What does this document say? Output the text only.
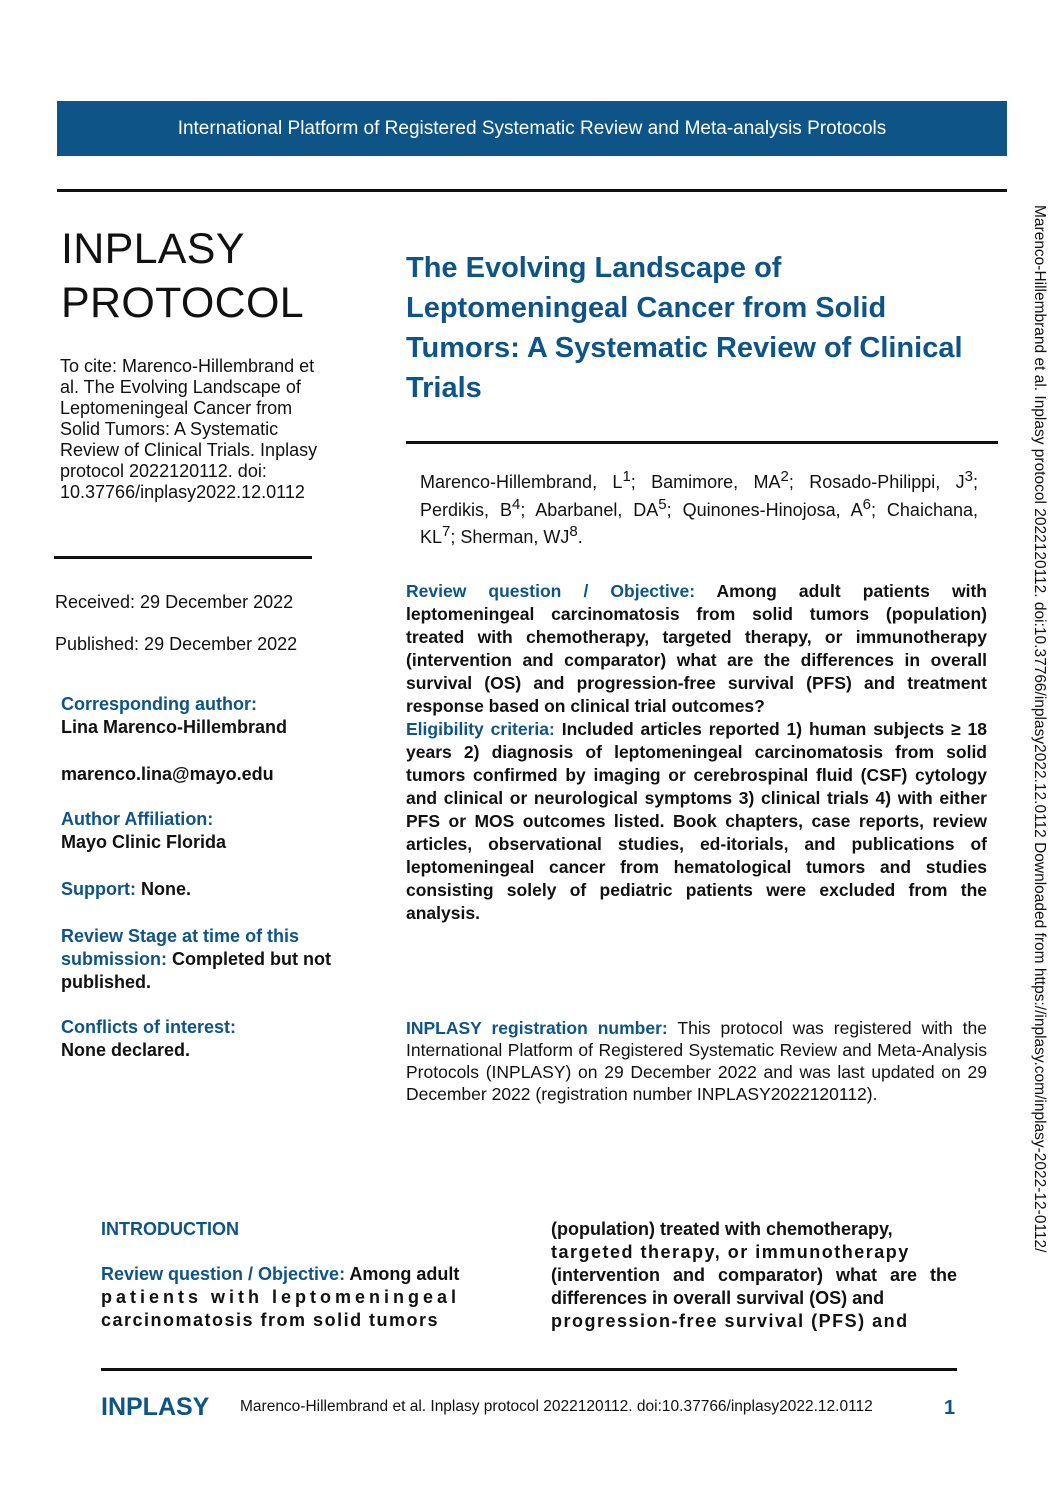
International Platform of Registered Systematic Review and Meta-analysis Protocols
INPLASY
PROTOCOL
To cite: Marenco-Hillembrand et al. The Evolving Landscape of Leptomeningeal Cancer from Solid Tumors: A Systematic Review of Clinical Trials. Inplasy protocol 2022120112. doi: 10.37766/inplasy2022.12.0112
Received: 29 December 2022
Published: 29 December 2022
Corresponding author:
Lina Marenco-Hillembrand
marenco.lina@mayo.edu
Author Affiliation:
Mayo Clinic Florida
Support: None.
Review Stage at time of this submission: Completed but not published.
Conflicts of interest:
None declared.
The Evolving Landscape of Leptomeningeal Cancer from Solid Tumors: A Systematic Review of Clinical Trials
Marenco-Hillembrand, $L^1$; Bamimore, $MA^2$; Rosado-Philippi, $J^3$; Perdikis, $B^4$; Abarbanel, $DA^5$; Quinones-Hinojosa, $A^6$; Chaichana, $KL^7$; Sherman, $WJ^8$.
Review question / Objective: Among adult patients with leptomeningeal carcinomatosis from solid tumors (population) treated with chemotherapy, targeted therapy, or immunotherapy (intervention and comparator) what are the differences in overall survival (OS) and progression-free survival (PFS) and treatment response based on clinical trial outcomes?
Eligibility criteria: Included articles reported 1) human subjects ≥ 18 years 2) diagnosis of leptomeningeal carcinomatosis from solid tumors confirmed by imaging or cerebrospinal fluid (CSF) cytology and clinical or neurological symptoms 3) clinical trials 4) with either PFS or MOS outcomes listed. Book chapters, case reports, review articles, observational studies, ed-itorials, and publications of leptomeningeal cancer from hematological tumors and studies consisting solely of pediatric patients were excluded from the analysis.
INPLASY registration number: This protocol was registered with the International Platform of Registered Systematic Review and Meta-Analysis Protocols (INPLASY) on 29 December 2022 and was last updated on 29 December 2022 (registration number INPLASY2022120112).
INTRODUCTION
Review question / Objective: Among adult
patients with leptomeningeal
carcinomatosis from solid tumors
(population) treated with chemotherapy,
targeted therapy, or immunotherapy
(intervention and comparator) what are the differences in overall survival (OS) and
progression-free survival (PFS) and
INPLASY Marenco-Hillembrand et al. Inplasy protocol 2022120112. doi:10.37766/inplasy2022.12.0112	1
Marenco-Hillembrand et al. Inplasy protocol 2022120112. doi:10.37766/inplasy2022.12.0112 Downloaded from https://inplasy.com/inplasy-2022-12-0112/
